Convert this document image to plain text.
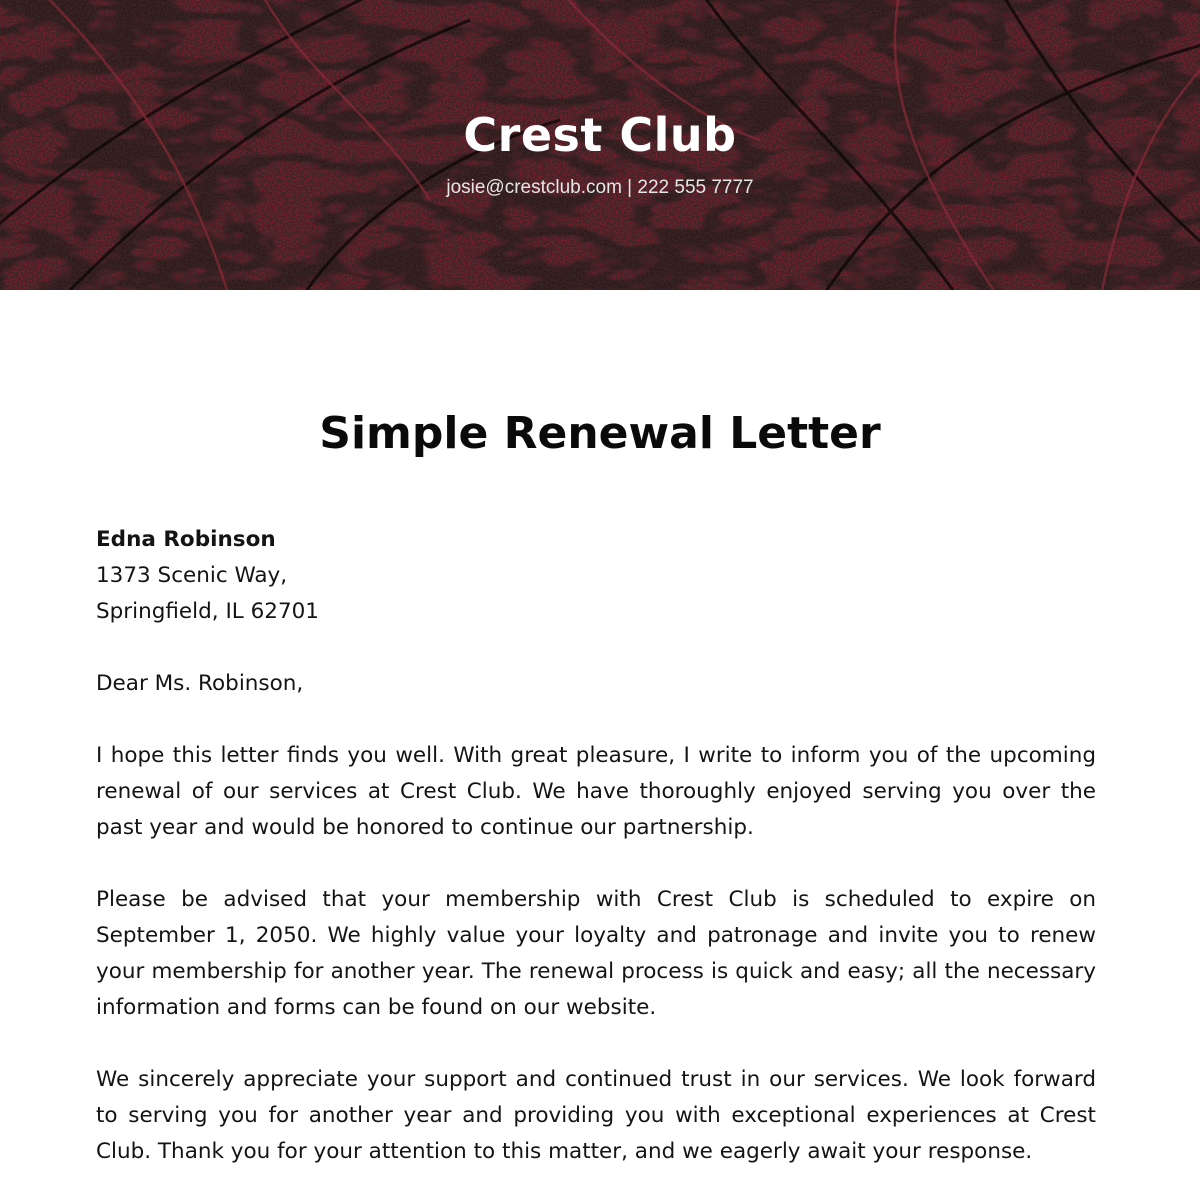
Crest Club
josie@crestclub.com | 222 555 7777
Simple Renewal Letter
Edna Robinson
1373 Scenic Way,
Springfield, IL 62701

Dear Ms. Robinson,

I hope this letter finds you well. With great pleasure, I write to inform you of the upcoming renewal of our services at Crest Club. We have thoroughly enjoyed serving you over the past year and would be honored to continue our partnership.

Please be advised that your membership with Crest Club is scheduled to expire on September 1, 2050. We highly value your loyalty and patronage and invite you to renew your membership for another year. The renewal process is quick and easy; all the necessary information and forms can be found on our website.

We sincerely appreciate your support and continued trust in our services. We look forward to serving you for another year and providing you with exceptional experiences at Crest Club. Thank you for your attention to this matter, and we eagerly await your response.
